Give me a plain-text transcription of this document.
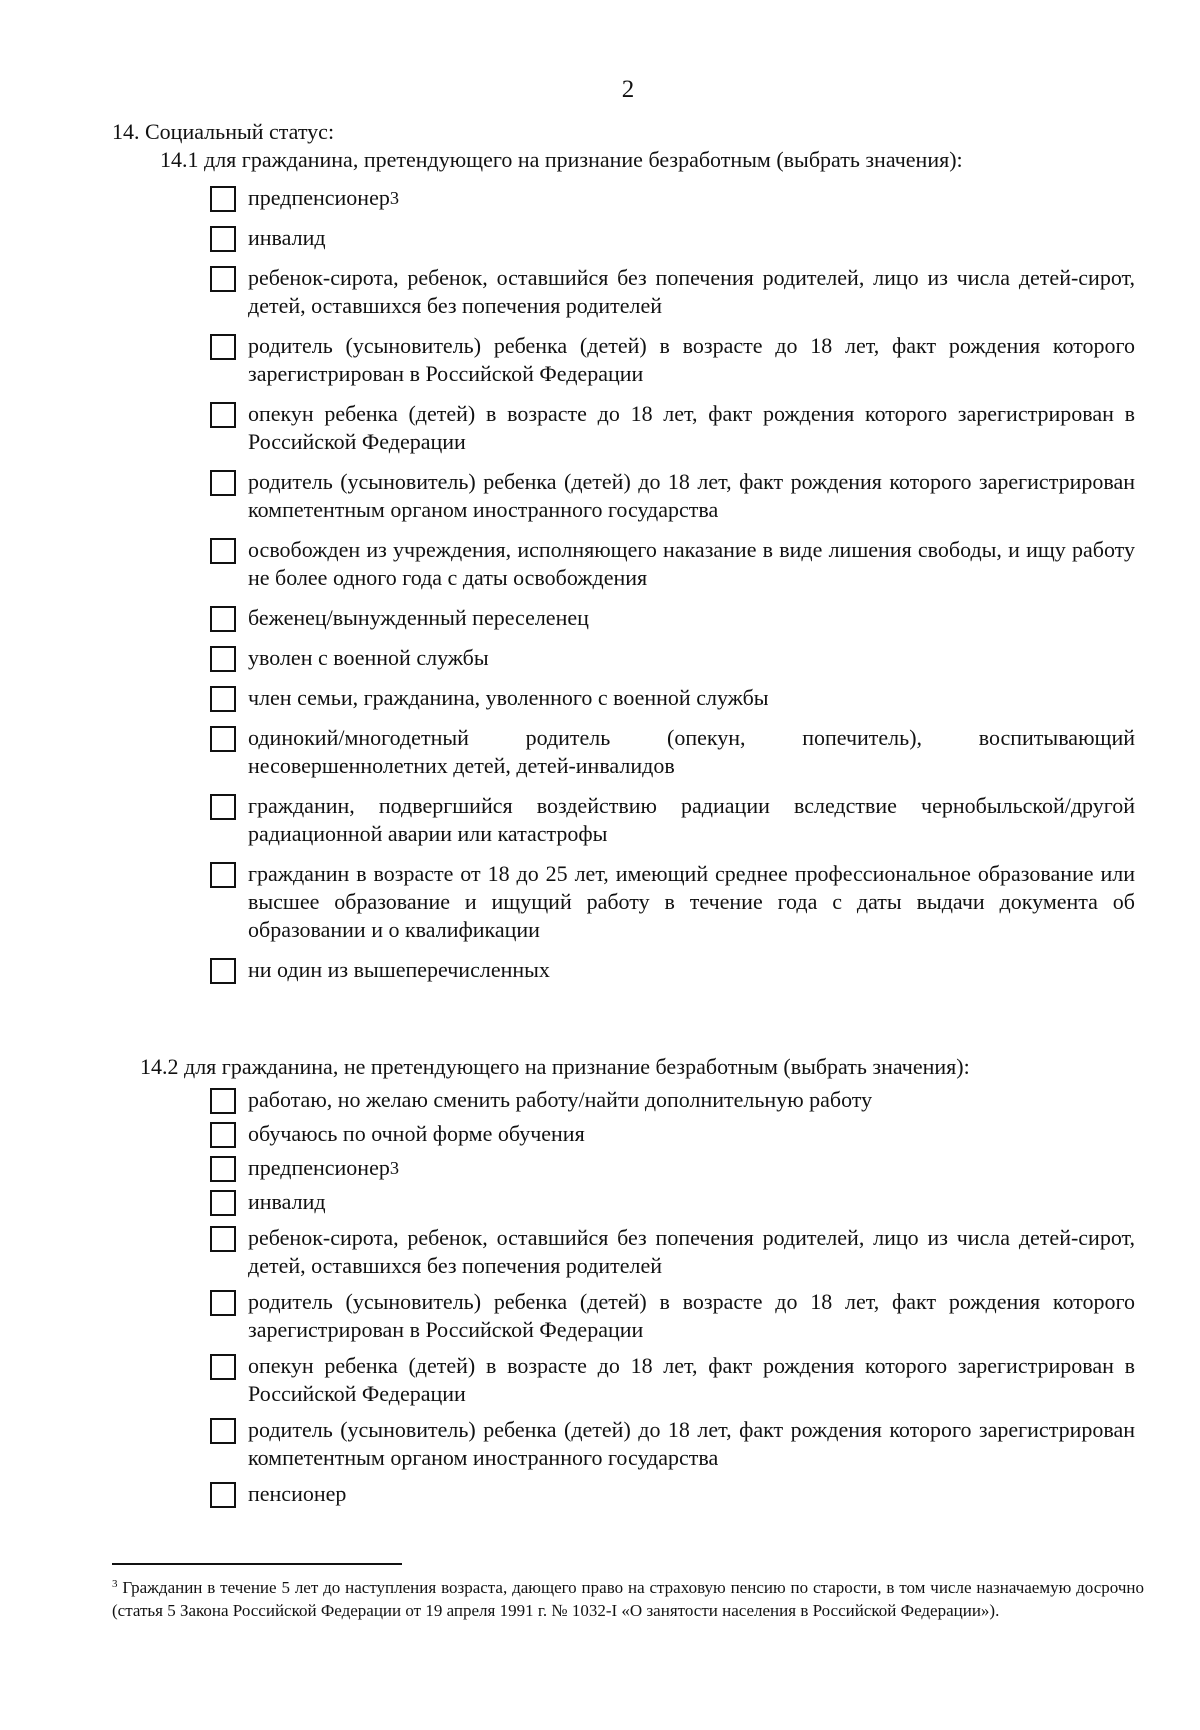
2
14. Социальный статус:
14.1 для гражданина, претендующего на признание безработным (выбрать значения):
предпенсионер 3
инвалид
ребенок-сирота, ребенок, оставшийся без попечения родителей, лицо из числа детей-сирот, детей, оставшихся без попечения родителей
родитель (усыновитель) ребенка (детей) в возрасте до 18 лет, факт рождения которого зарегистрирован в Российской Федерации
опекун ребенка (детей) в возрасте до 18 лет, факт рождения которого зарегистрирован в Российской Федерации
родитель (усыновитель) ребенка (детей) до 18 лет, факт рождения которого зарегистрирован компетентным органом иностранного государства
освобожден из учреждения, исполняющего наказание в виде лишения свободы, и ищу работу не более одного года с даты освобождения
беженец/вынужденный переселенец
уволен с военной службы
член семьи, гражданина, уволенного с военной службы
одинокий/многодетный родитель (опекун, попечитель), воспитывающий несовершеннолетних детей, детей-инвалидов
гражданин, подвергшийся воздействию радиации вследствие чернобыльской/другой радиационной аварии или катастрофы
гражданин в возрасте от 18 до 25 лет, имеющий среднее профессиональное образование или высшее образование и ищущий работу в течение года с даты выдачи документа об образовании и о квалификации
ни один из вышеперечисленных
14.2 для гражданина, не претендующего на признание безработным (выбрать значения):
работаю, но желаю сменить работу/найти дополнительную работу
обучаюсь по очной форме обучения
предпенсионер 3
инвалид
ребенок-сирота, ребенок, оставшийся без попечения родителей, лицо из числа детей-сирот, детей, оставшихся без попечения родителей
родитель (усыновитель) ребенка (детей) в возрасте до 18 лет, факт рождения которого зарегистрирован в Российской Федерации
опекун ребенка (детей) в возрасте до 18 лет, факт рождения которого зарегистрирован в Российской Федерации
родитель (усыновитель) ребенка (детей) до 18 лет, факт рождения которого зарегистрирован компетентным органом иностранного государства
пенсионер
$^3$ Гражданин в течение 5 лет до наступления возраста, дающего право на страховую пенсию по старости, в том числе назначаемую досрочно (статья 5 Закона Российской Федерации от 19 апреля 1991 г. № 1032-I «О занятости населения в Российской Федерации»).
